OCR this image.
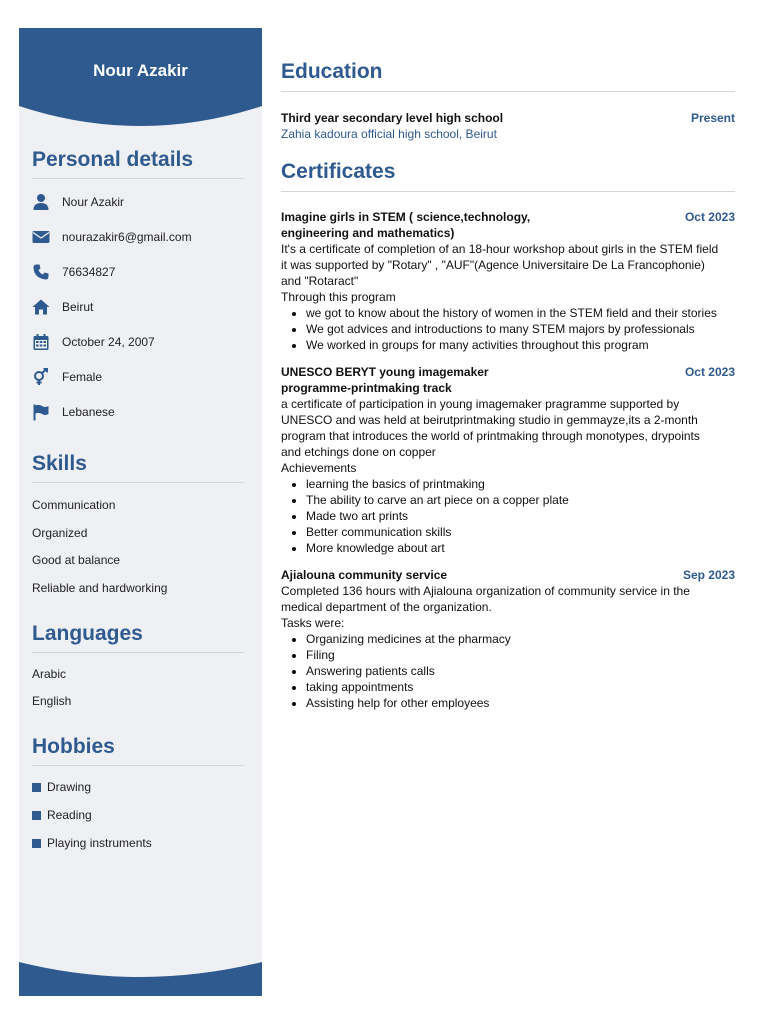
Nour Azakir
Personal details
Nour Azakir
nourazakir6@gmail.com
76634827
Beirut
October 24, 2007
Female
Lebanese
Skills
Communication
Organized
Good at balance
Reliable and hardworking
Languages
Arabic
English
Hobbies
Drawing
Reading
Playing instruments
Education
Third year secondary level high school	Present
Zahia kadoura official high school, Beirut
Certificates
Imagine girls in STEM ( science,technology,
engineering and mathematics)
Oct 2023
It's a certificate of completion of an 18-hour workshop about girls in the STEM field
it was supported by "Rotary" , "AUF"(Agence Universitaire De La Francophonie)
and "Rotaract"
Through this program
• we got to know about the history of women in the STEM field and their stories
• We got advices and introductions to many STEM majors by professionals
• We worked in groups for many activities throughout this program
UNESCO BERYT young imagemaker
programme-printmaking track
Oct 2023
a certificate of participation in young imagemaker pragramme supported by
UNESCO and was held at beirutprintmaking studio in gemmayze,its a 2-month
program that introduces the world of printmaking through monotypes, drypoints
and etchings done on copper
Achievements
• learning the basics of printmaking
• The ability to carve an art piece on a copper plate
• Made two art prints
• Better communication skills
• More knowledge about art
Ajialouna community service	Sep 2023
Completed 136 hours with Ajialouna organization of community service in the
medical department of the organization.
Tasks were:
• Organizing medicines at the pharmacy
• Filing
• Answering patients calls
• taking appointments
• Assisting help for other employees
